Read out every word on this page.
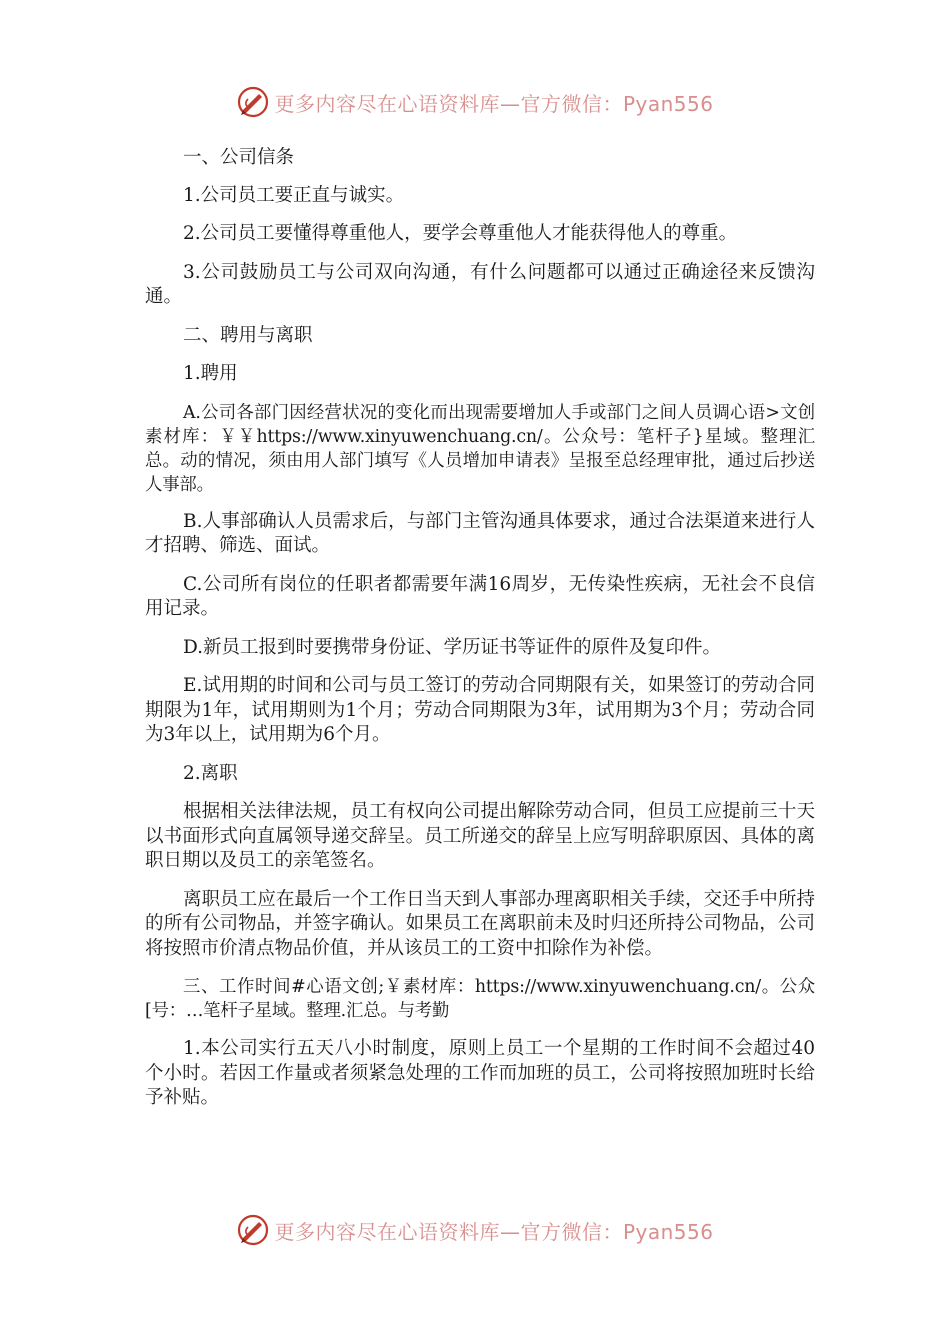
更多内容尽在心语资料库—官方微信：Pyan556

一、公司信条

1.公司员工要正直与诚实。

2.公司员工要懂得尊重他人，要学会尊重他人才能获得他人的尊重。

3.公司鼓励员工与公司双向沟通，有什么问题都可以通过正确途径来反馈沟通。

二、聘用与离职

1.聘用

A.公司各部门因经营状况的变化而出现需要增加人手或部门之间人员调心语>文创素材库：￥￥https://www.xinyuwenchuang.cn/。公众号：笔杆子}星域。整理汇总。动的情况，须由用人部门填写《人员增加申请表》呈报至总经理审批，通过后抄送人事部。

B.人事部确认人员需求后，与部门主管沟通具体要求，通过合法渠道来进行人才招聘、筛选、面试。

C.公司所有岗位的任职者都需要年满16周岁，无传染性疾病，无社会不良信用记录。

D.新员工报到时要携带身份证、学历证书等证件的原件及复印件。

E.试用期的时间和公司与员工签订的劳动合同期限有关，如果签订的劳动合同期限为1年，试用期则为1个月；劳动合同期限为3年，试用期为3个月；劳动合同为3年以上，试用期为6个月。

2.离职

根据相关法律法规，员工有权向公司提出解除劳动合同，但员工应提前三十天以书面形式向直属领导递交辞呈。员工所递交的辞呈上应写明辞职原因、具体的离职日期以及员工的亲笔签名。

离职员工应在最后一个工作日当天到人事部办理离职相关手续，交还手中所持的所有公司物品，并签字确认。如果员工在离职前未及时归还所持公司物品，公司将按照市价清点物品价值，并从该员工的工资中扣除作为补偿。

三、工作时间#心语文创;￥素材库：https://www.xinyuwenchuang.cn/。公众[号：…笔杆子星域。整理.汇总。与考勤

1.本公司实行五天八小时制度，原则上员工一个星期的工作时间不会超过40个小时。若因工作量或者须紧急处理的工作而加班的员工，公司将按照加班时长给予补贴。

更多内容尽在心语资料库—官方微信：Pyan556
